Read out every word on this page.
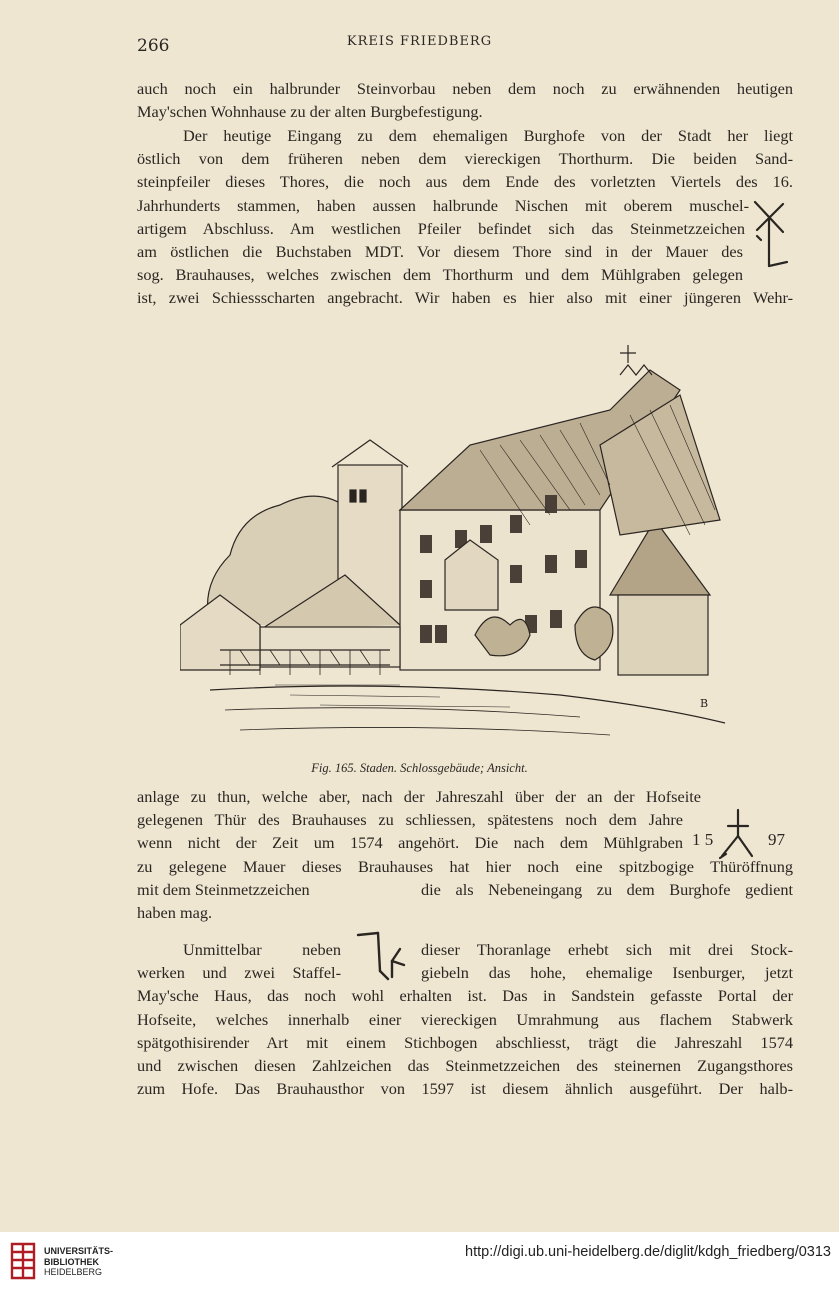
266	KREIS FRIEDBERG
auch noch ein halbrunder Steinvorbau neben dem noch zu erwähnenden heutigen
May'schen Wohnhause zu der alten Burgbefestigung.
Der heutige Eingang zu dem ehemaligen Burghofe von der Stadt her liegt
östlich von dem früheren neben dem viereckigen Thorthurm. Die beiden Sand-
steinpfeiler dieses Thores, die noch aus dem Ende des vorletzten Viertels des 16.
Jahrhunderts stammen, haben aussen halbrunde Nischen mit oberem muschel-
artigem Abschluss. Am westlichen Pfeiler befindet sich das Steinmetzzeichen
am östlichen die Buchstaben MDT. Vor diesem Thore sind in der Mauer des
sog. Brauhauses, welches zwischen dem Thorthurm und dem Mühlgraben gelegen
ist, zwei Schiessscharten angebracht. Wir haben es hier also mit einer jüngeren Wehr-
B
Fig. 165. Staden. Schlossgebäude; Ansicht.
anlage zu thun, welche aber, nach der Jahreszahl über der an der Hofseite
gelegenen Thür des Brauhauses zu schliessen, spätestens noch dem Jahre
wenn nicht der Zeit um 1574 angehört. Die nach dem Mühlgraben
zu gelegene Mauer dieses Brauhauses hat hier noch eine spitzbogige Thüröffnung
mit dem Steinmetzzeichen	die als Nebeneingang zu dem Burghofe gedient
haben mag.
1 5	97
Unmittelbar neben	dieser Thoranlage erhebt sich mit drei Stock-
werken und zwei Staffel-	giebeln das hohe, ehemalige Isenburger, jetzt
May'sche Haus, das noch wohl erhalten ist. Das in Sandstein gefasste Portal der
Hofseite, welches innerhalb einer viereckigen Umrahmung aus flachem Stabwerk
spätgothisirender Art mit einem Stichbogen abschliesst, trägt die Jahreszahl 1574
und zwischen diesen Zahlzeichen das Steinmetzzeichen des steinernen Zugangsthores
zum Hofe. Das Brauhausthor von 1597 ist diesem ähnlich ausgeführt. Der halb-
UNIVERSITÄTS-
BIBLIOTHEK
HEIDELBERG
http://digi.ub.uni-heidelberg.de/diglit/kdgh_friedberg/0313
